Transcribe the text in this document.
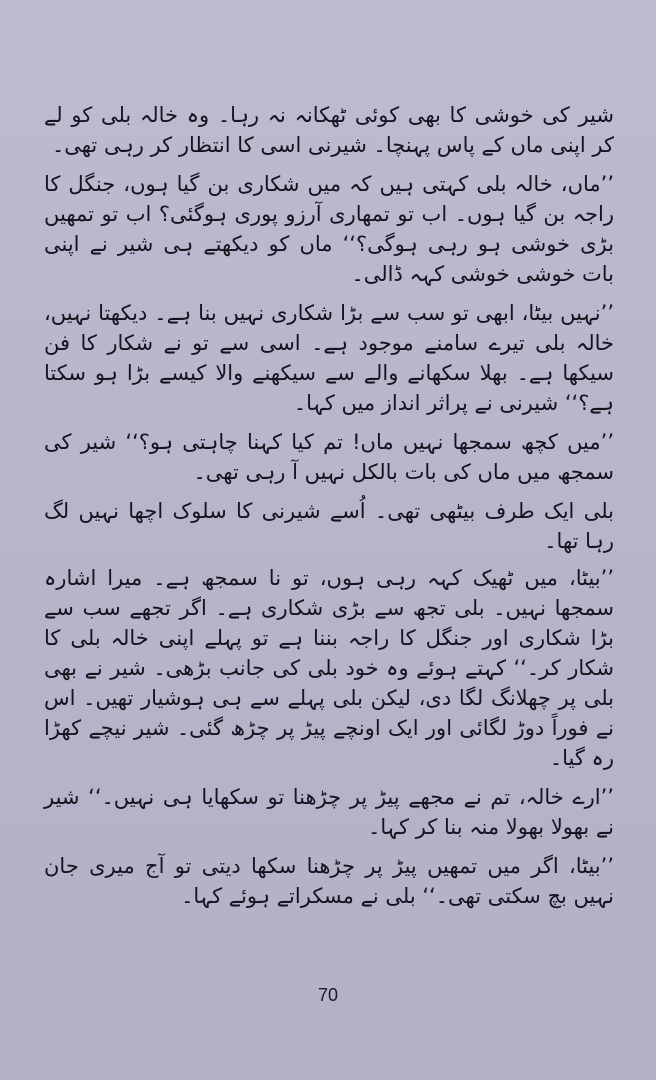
شیر کی خوشی کا بھی کوئی ٹھکانہ نہ رہا۔ وہ خالہ بلی کو لے کر اپنی ماں کے پاس پہنچا۔ شیرنی اسی کا انتظار کر رہی تھی۔

’’ماں، خالہ بلی کہتی ہیں کہ میں شکاری بن گیا ہوں، جنگل کا راجہ بن گیا ہوں۔ اب تو تمھاری آرزو پوری ہوگئی؟ اب تو تمھیں بڑی خوشی ہو رہی ہوگی؟‘‘ ماں کو دیکھتے ہی شیر نے اپنی بات خوشی خوشی کہہ ڈالی۔

’’نہیں بیٹا، ابھی تو سب سے بڑا شکاری نہیں بنا ہے۔ دیکھتا نہیں، خالہ بلی تیرے سامنے موجود ہے۔ اسی سے تو نے شکار کا فن سیکھا ہے۔ بھلا سکھانے والے سے سیکھنے والا کیسے بڑا ہو سکتا ہے؟‘‘ شیرنی نے پراثر انداز میں کہا۔

’’میں کچھ سمجھا نہیں ماں! تم کیا کہنا چاہتی ہو؟‘‘ شیر کی سمجھ میں ماں کی بات بالکل نہیں آ رہی تھی۔

بلی ایک طرف بیٹھی تھی۔ اُسے شیرنی کا سلوک اچھا نہیں لگ رہا تھا۔

’’بیٹا، میں ٹھیک کہہ رہی ہوں، تو نا سمجھ ہے۔ میرا اشارہ سمجھا نہیں۔ بلی تجھ سے بڑی شکاری ہے۔ اگر تجھے سب سے بڑا شکاری اور جنگل کا راجہ بننا ہے تو پہلے اپنی خالہ بلی کا شکار کر۔‘‘ کہتے ہوئے وہ خود بلی کی جانب بڑھی۔ شیر نے بھی بلی پر چھلانگ لگا دی، لیکن بلی پہلے سے ہی ہوشیار تھیں۔ اس نے فوراً دوڑ لگائی اور ایک اونچے پیڑ پر چڑھ گئی۔ شیر نیچے کھڑا رہ گیا۔

’’ارے خالہ، تم نے مجھے پیڑ پر چڑھنا تو سکھایا ہی نہیں۔‘‘ شیر نے بھولا بھولا منہ بنا کر کہا۔

’’بیٹا، اگر میں تمھیں پیڑ پر چڑھنا سکھا دیتی تو آج میری جان نہیں بچ سکتی تھی۔‘‘ بلی نے مسکراتے ہوئے کہا۔

70
